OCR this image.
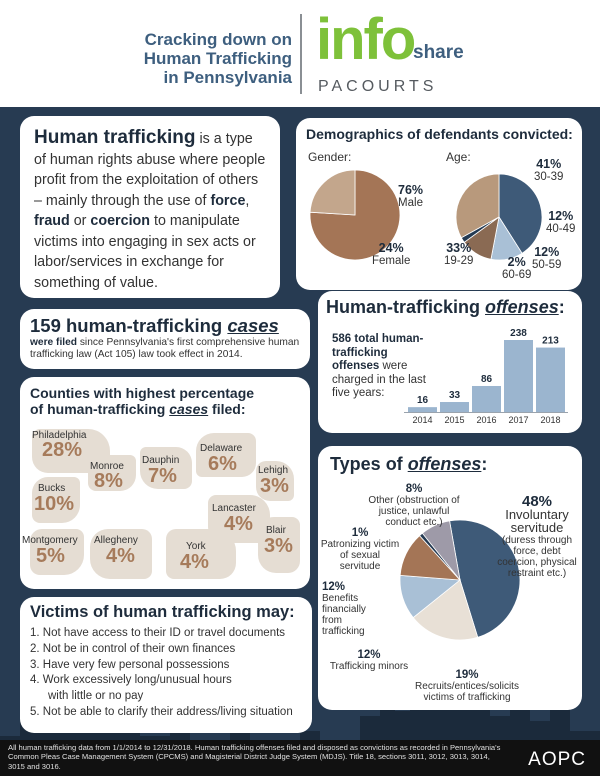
Cracking down on
Human Trafficking
in Pennsylvania
info
share
PACOURTS

Human trafficking is a type of human rights abuse where people profit from the exploitation of others – mainly through the use of force, fraud or coercion to manipulate victims into engaging in sex acts or labor/services in exchange for something of value.

Demographics of defendants convicted:
Gender:	Age:
76%
Male
24%
Female
41%
30-39
12%
40-49
12%
50-59
2%
60-69
33%
19-29
159 human-trafficking cases
were filed since Pennsylvania's first comprehensive human trafficking law (Act 105) law took effect in 2014.
Human-trafficking offenses:
586 total human-trafficking offenses were charged in the last five years:
16
2014
33
2015
86
2016
238
2017
213
2018
Counties with highest percentage
of human-trafficking cases filed:
Philadelphia
28%
Monroe
8%
Dauphin
7%
Delaware
6% Lehigh
3%
Bucks
10%	Lancaster
4%
Montgomery
5%
Allegheny
4%	York
4%
Blair
3%
Types of offenses:
48%
Involuntary servitude
(duress through force, debt coercion, physical restraint etc.)
19%
Recruits/entices/solicits victims of trafficking
12%
Trafficking minors
12%
Benefits financially from trafficking
1%
Patronizing victim of sexual servitude
8%
Other (obstruction of justice, unlawful conduct etc.)
Victims of human trafficking may:
1. Not have access to their ID or travel documents
2. Not be in control of their own finances
3. Have very few personal possessions
4. Work excessively long/unusual hours
with little or no pay
5. Not be able to clarify their address/living situation
All human trafficking data from 1/1/2014 to 12/31/2018. Human trafficking offenses filed and disposed as convictions as recorded in Pennsylvania's Common Pleas Case Management System (CPCMS) and Magisterial District Judge System (MDJS). Title 18, sections 3011, 3012, 3013, 3014, 3015 and 3016.	AOPC
